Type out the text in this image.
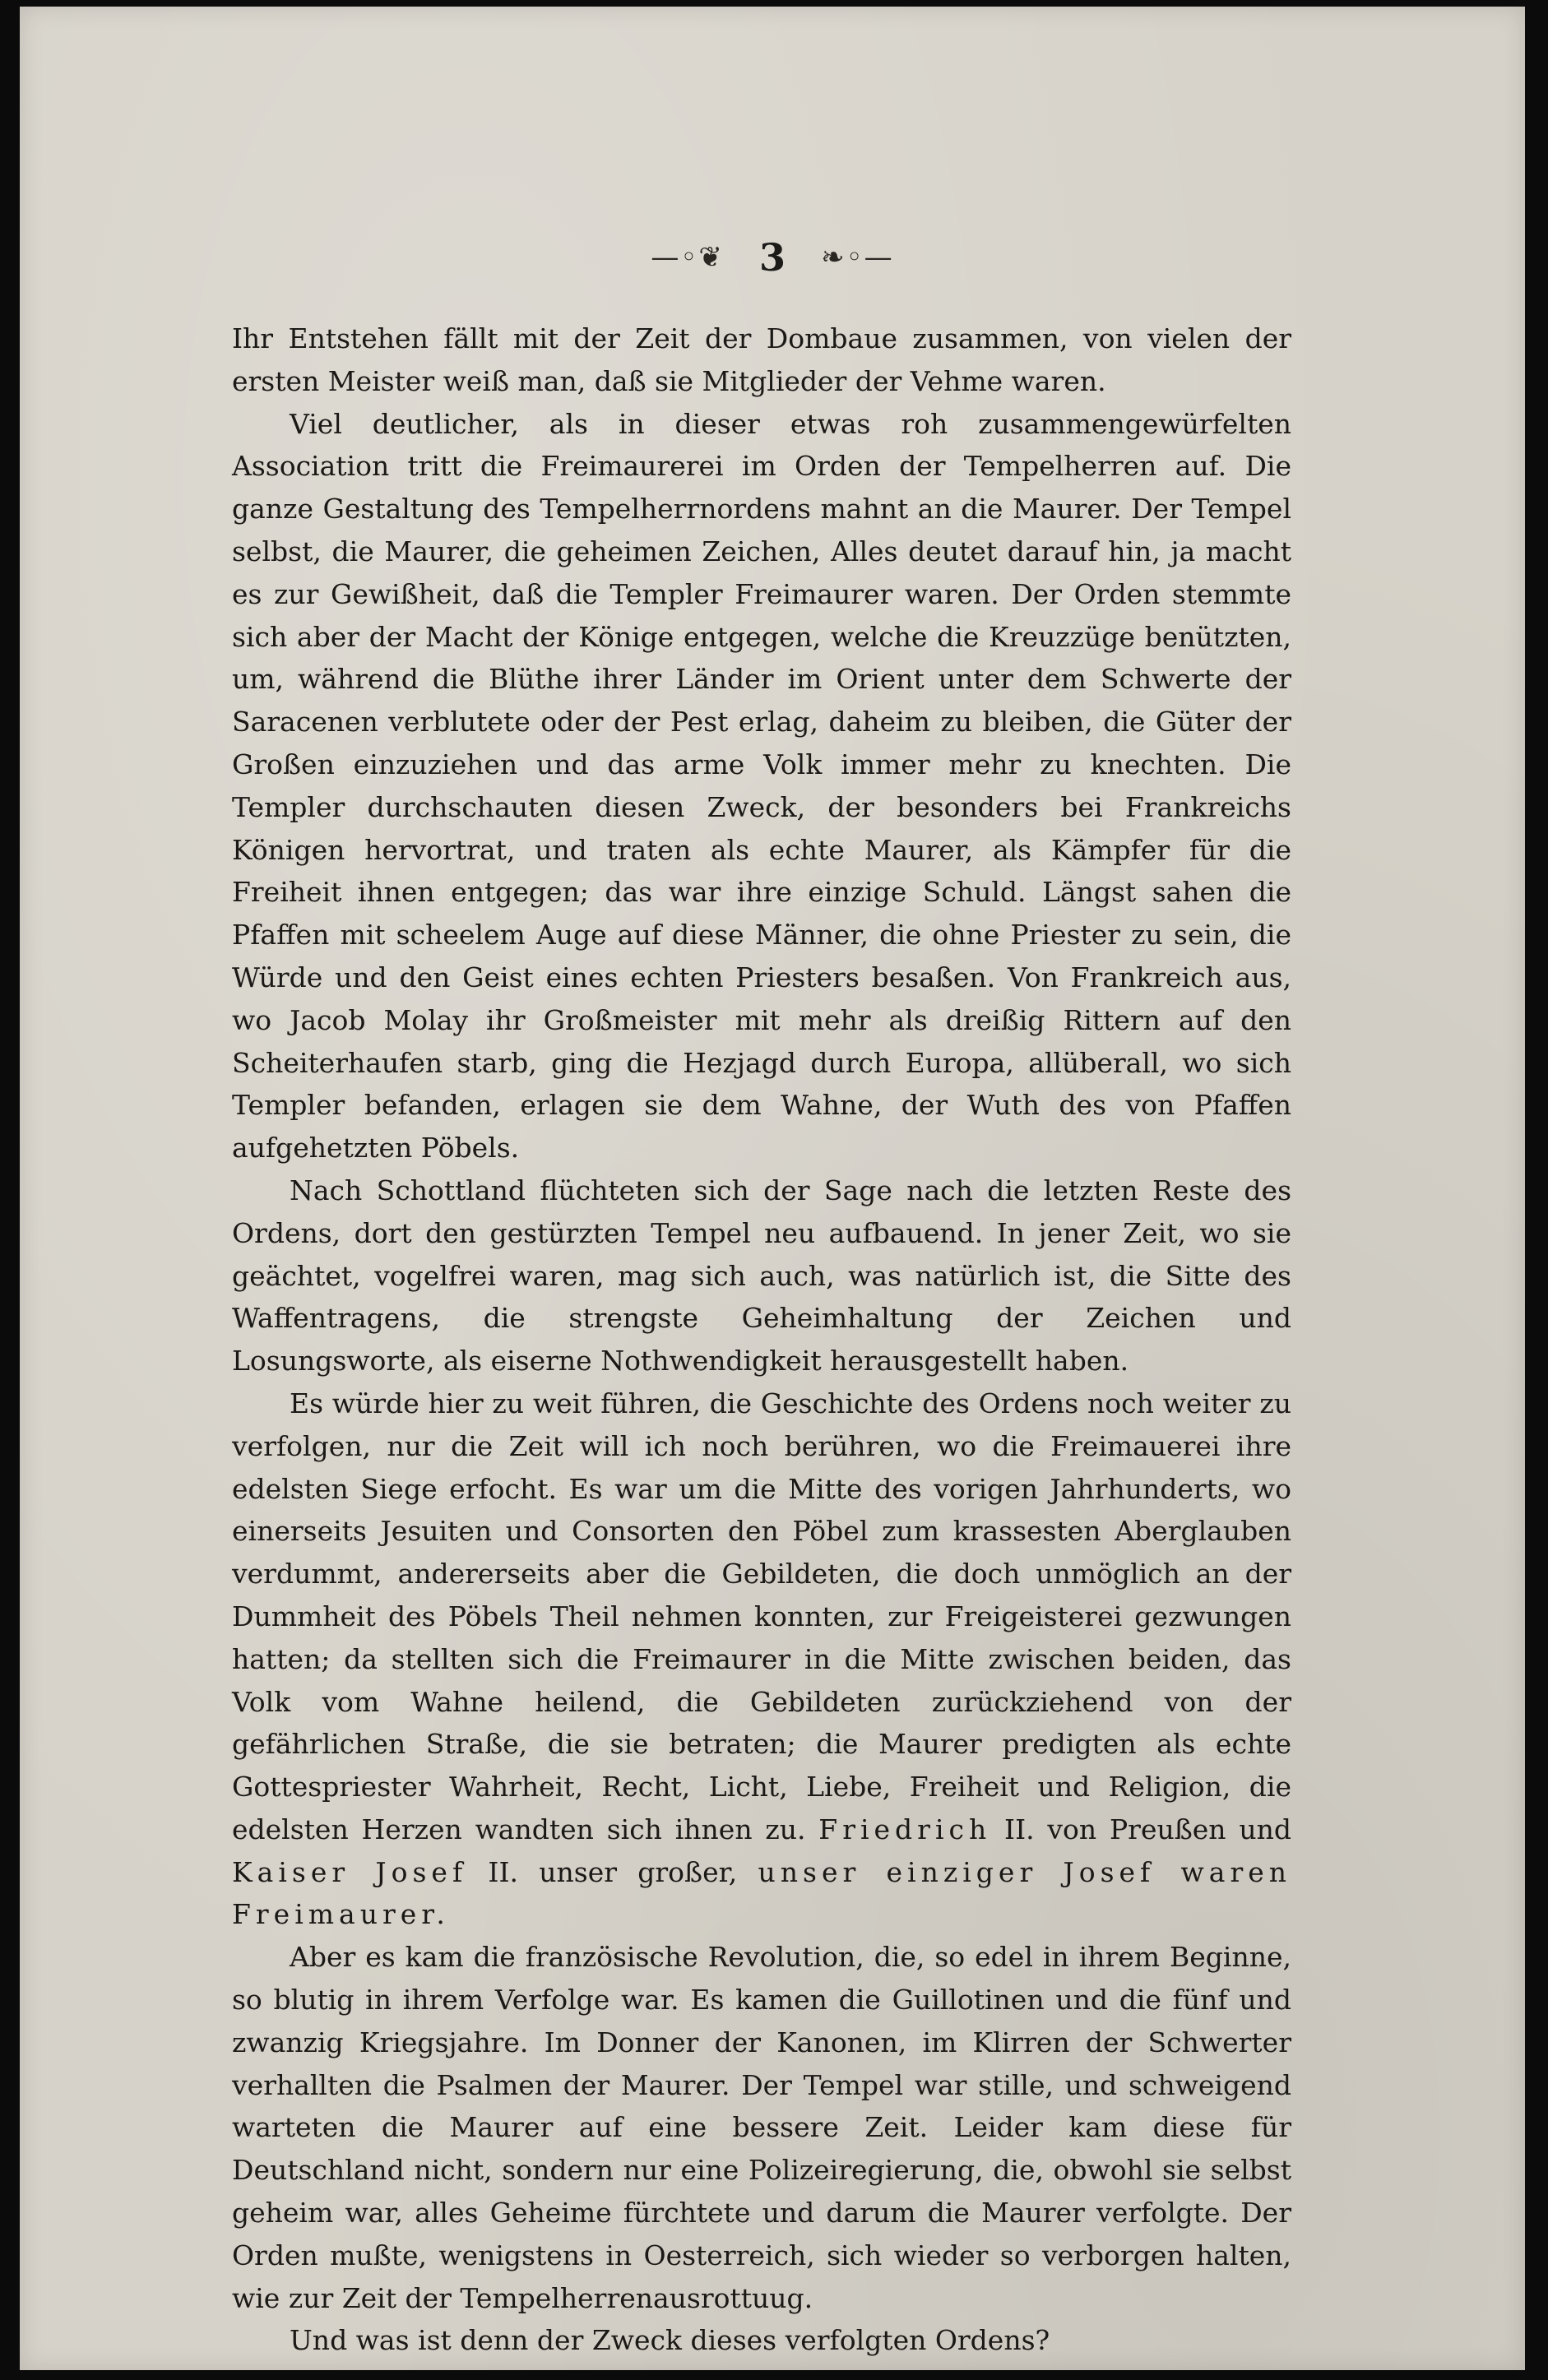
—◦❦ 3 ❧◦—

Ihr Entstehen fällt mit der Zeit der Dombaue zusammen, von vielen der ersten Meister weiß man, daß sie Mitglieder der Vehme waren.

Viel deutlicher, als in dieser etwas roh zusammengewürfelten Association tritt die Freimaurerei im Orden der Tempelherren auf. Die ganze Gestaltung des Tempelherrnordens mahnt an die Maurer. Der Tempel selbst, die Maurer, die geheimen Zeichen, Alles deutet darauf hin, ja macht es zur Gewißheit, daß die Templer Freimaurer waren. Der Orden stemmte sich aber der Macht der Könige entgegen, welche die Kreuzzüge benützten, um, während die Blüthe ihrer Länder im Orient unter dem Schwerte der Saracenen verblutete oder der Pest erlag, daheim zu bleiben, die Güter der Großen einzuziehen und das arme Volk immer mehr zu knechten. Die Templer durchschauten diesen Zweck, der besonders bei Frankreichs Königen hervortrat, und traten als echte Maurer, als Kämpfer für die Freiheit ihnen entgegen; das war ihre einzige Schuld. Längst sahen die Pfaffen mit scheelem Auge auf diese Männer, die ohne Priester zu sein, die Würde und den Geist eines echten Priesters besaßen. Von Frankreich aus, wo Jacob Molay ihr Großmeister mit mehr als dreißig Rittern auf den Scheiterhaufen starb, ging die Hezjagd durch Europa, allüberall, wo sich Templer befanden, erlagen sie dem Wahne, der Wuth des von Pfaffen aufgehetzten Pöbels.

Nach Schottland flüchteten sich der Sage nach die letzten Reste des Ordens, dort den gestürzten Tempel neu aufbauend. In jener Zeit, wo sie geächtet, vogelfrei waren, mag sich auch, was natürlich ist, die Sitte des Waffentragens, die strengste Geheimhaltung der Zeichen und Losungsworte, als eiserne Nothwendigkeit herausgestellt haben.

Es würde hier zu weit führen, die Geschichte des Ordens noch weiter zu verfolgen, nur die Zeit will ich noch berühren, wo die Freimauerei ihre edelsten Siege erfocht. Es war um die Mitte des vorigen Jahrhunderts, wo einerseits Jesuiten und Consorten den Pöbel zum krassesten Aberglauben verdummt, andererseits aber die Gebildeten, die doch unmöglich an der Dummheit des Pöbels Theil nehmen konnten, zur Freigeisterei gezwungen hatten; da stellten sich die Freimaurer in die Mitte zwischen beiden, das Volk vom Wahne heilend, die Gebildeten zurückziehend von der gefährlichen Straße, die sie betraten; die Maurer predigten als echte Gottespriester Wahrheit, Recht, Licht, Liebe, Freiheit und Religion, die edelsten Herzen wandten sich ihnen zu. Friedrich II. von Preußen und Kaiser Josef II. unser großer, unser einziger Josef waren Freimaurer.

Aber es kam die französische Revolution, die, so edel in ihrem Beginne, so blutig in ihrem Verfolge war. Es kamen die Guillotinen und die fünf und zwanzig Kriegsjahre. Im Donner der Kanonen, im Klirren der Schwerter verhallten die Psalmen der Maurer. Der Tempel war stille, und schweigend warteten die Maurer auf eine bessere Zeit. Leider kam diese für Deutschland nicht, sondern nur eine Polizeiregierung, die, obwohl sie selbst geheim war, alles Geheime fürchtete und darum die Maurer verfolgte. Der Orden mußte, wenigstens in Oesterreich, sich wieder so verborgen halten, wie zur Zeit der Tempelherrenausrottuug.

Und was ist denn der Zweck dieses verfolgten Ordens?
